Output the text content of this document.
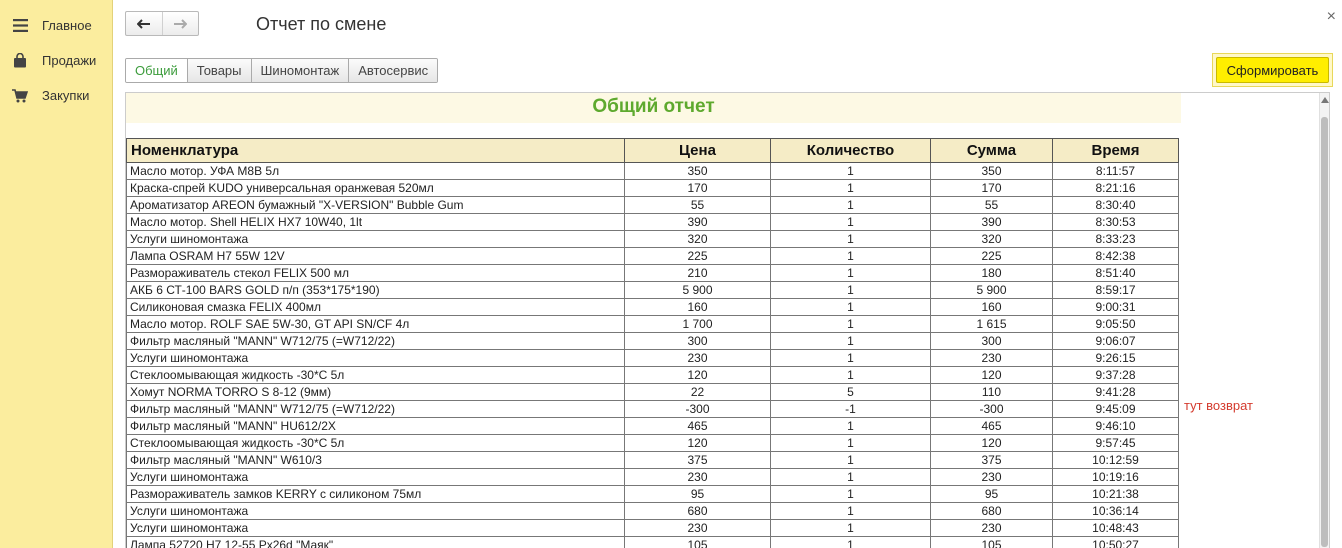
Главное
Продажи
Закупки
Отчет по смене	×
Общий	Товары	Шиномонтаж	Автосервис	Сформировать
Общий отчет
Номенклатура	Цена	Количество	Сумма	Время
Масло мотор. УФА M8B 5л	350	1	350	8:11:57
Краска-спрей KUDO универсальная оранжевая 520мл	170	1	170	8:21:16
Ароматизатор AREON бумажный "X-VERSION" Bubble Gum	55	1	55	8:30:40
Масло мотор. Shell HELIX HX7 10W40, 1lt	390	1	390	8:30:53
Услуги шиномонтажа	320	1	320	8:33:23
Лампа OSRAM H7 55W 12V	225	1	225	8:42:38
Размораживатель стекол FELIX 500 мл	210	1	180	8:51:40
АКБ 6 СТ-100 BARS GOLD п/п (353*175*190)	5 900	1	5 900	8:59:17
Силиконовая смазка FELIX 400мл	160	1	160	9:00:31
Масло мотор. ROLF SAE 5W-30, GT API SN/CF 4л	1 700	1	1 615	9:05:50
Фильтр масляный "MANN" W712/75 (=W712/22)	300	1	300	9:06:07
Услуги шиномонтажа	230	1	230	9:26:15
Стеклоомывающая жидкость -30*С 5л	120	1	120	9:37:28
Хомут NORMA TORRO S 8-12 (9мм)	22	5	110	9:41:28
Фильтр масляный "MANN" W712/75 (=W712/22)	-300	-1	-300	9:45:09
Фильтр масляный "MANN" HU612/2X	465	1	465	9:46:10
Стеклоомывающая жидкость -30*С 5л	120	1	120	9:57:45
Фильтр масляный "MANN" W610/3	375	1	375	10:12:59
Услуги шиномонтажа	230	1	230	10:19:16
Размораживатель замков KERRY с силиконом 75мл	95	1	95	10:21:38
Услуги шиномонтажа	680	1	680	10:36:14
Услуги шиномонтажа	230	1	230	10:48:43
Лампа 52720 H7 12-55 Px26d "Маяк"	105	1	105	10:50:27
тут возврат
